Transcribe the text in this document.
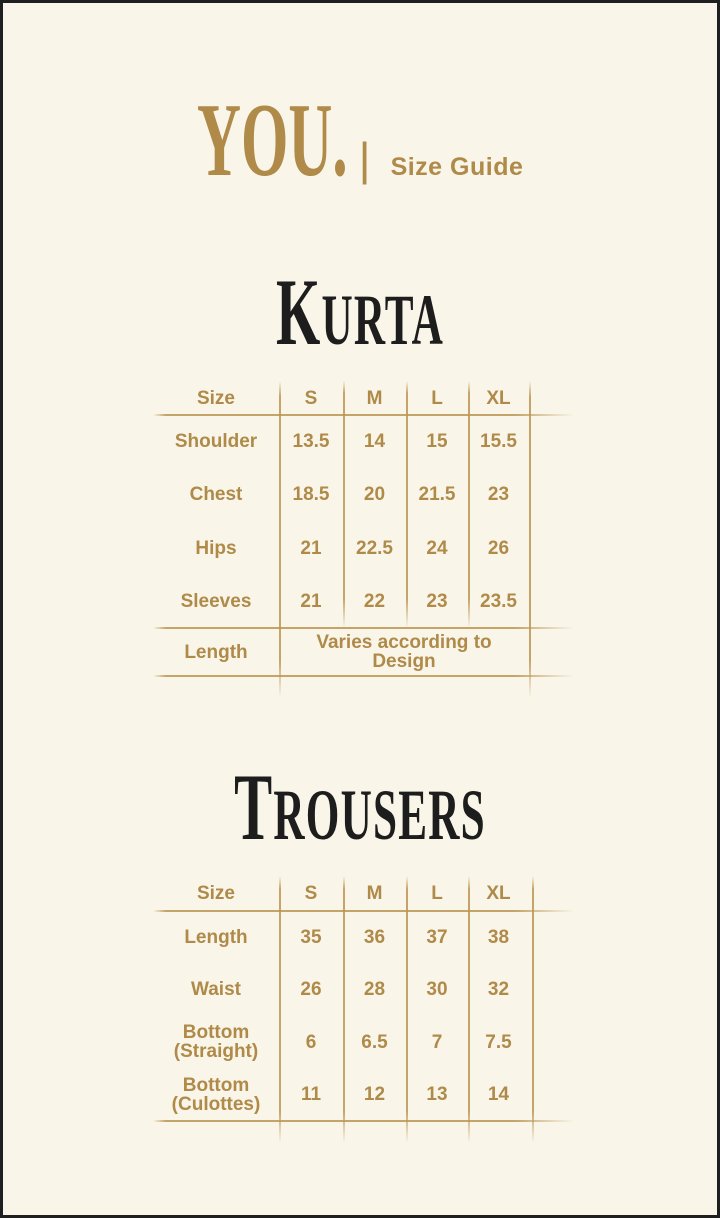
YOU. | Size Guide
KURTA
Size	S	M	L	XL
Shoulder	13.5	14	15	15.5
Chest	18.5	20	21.5	23
Hips	21	22.5	24	26
Sleeves	21	22	23	23.5
Length	Varies according to Design
TROUSERS
Size	S	M	L	XL
Length	35	36	37	38
Waist	26	28	30	32
Bottom (Straight)	6	6.5	7	7.5
Bottom (Culottes)	11	12	13	14
